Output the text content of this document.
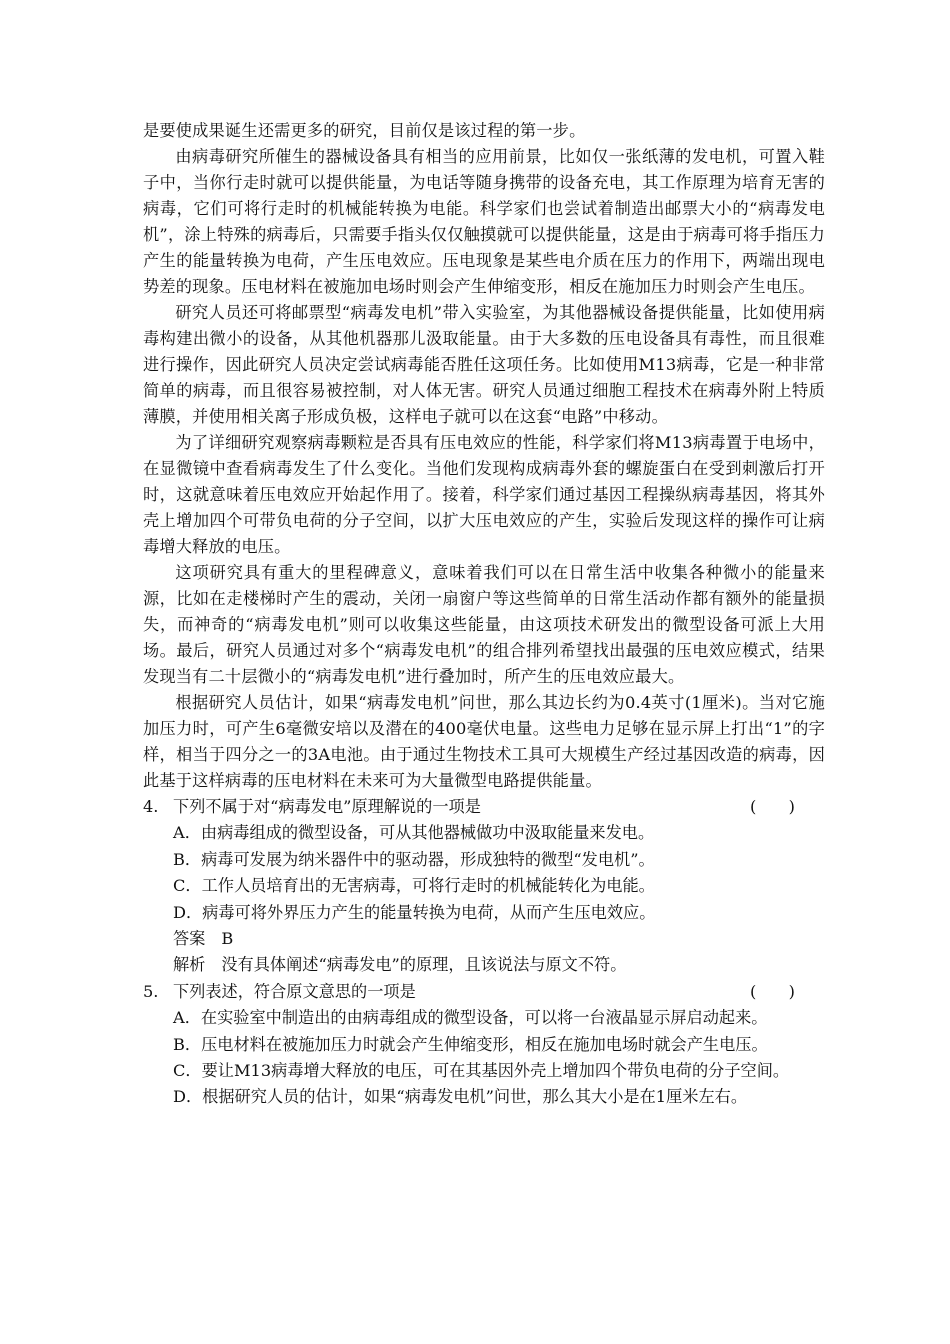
是要使成果诞生还需更多的研究，目前仅是该过程的第一步。

由病毒研究所催生的器械设备具有相当的应用前景，比如仅一张纸薄的发电机，可置入鞋子中，当你行走时就可以提供能量，为电话等随身携带的设备充电，其工作原理为培育无害的病毒，它们可将行走时的机械能转换为电能。科学家们也尝试着制造出邮票大小的“病毒发电机”，涂上特殊的病毒后，只需要手指头仅仅触摸就可以提供能量，这是由于病毒可将手指压力产生的能量转换为电荷，产生压电效应。压电现象是某些电介质在压力的作用下，两端出现电势差的现象。压电材料在被施加电场时则会产生伸缩变形，相反在施加压力时则会产生电压。

研究人员还可将邮票型“病毒发电机”带入实验室，为其他器械设备提供能量，比如使用病毒构建出微小的设备，从其他机器那儿汲取能量。由于大多数的压电设备具有毒性，而且很难进行操作，因此研究人员决定尝试病毒能否胜任这项任务。比如使用M13病毒，它是一种非常简单的病毒，而且很容易被控制，对人体无害。研究人员通过细胞工程技术在病毒外附上特质薄膜，并使用相关离子形成负极，这样电子就可以在这套“电路”中移动。

为了详细研究观察病毒颗粒是否具有压电效应的性能，科学家们将M13病毒置于电场中，在显微镜中查看病毒发生了什么变化。当他们发现构成病毒外套的螺旋蛋白在受到刺激后打开时，这就意味着压电效应开始起作用了。接着，科学家们通过基因工程操纵病毒基因，将其外壳上增加四个可带负电荷的分子空间，以扩大压电效应的产生，实验后发现这样的操作可让病毒增大释放的电压。

这项研究具有重大的里程碑意义，意味着我们可以在日常生活中收集各种微小的能量来源，比如在走楼梯时产生的震动，关闭一扇窗户等这些简单的日常生活动作都有额外的能量损失，而神奇的“病毒发电机”则可以收集这些能量，由这项技术研发出的微型设备可派上大用场。最后，研究人员通过对多个“病毒发电机”的组合排列希望找出最强的压电效应模式，结果发现当有二十层微小的“病毒发电机”进行叠加时，所产生的压电效应最大。

根据研究人员估计，如果“病毒发电机”问世，那么其边长约为0.4英寸(1厘米)。当对它施加压力时，可产生6毫微安培以及潜在的400毫伏电量。这些电力足够在显示屏上打出“1”的字样，相当于四分之一的3A电池。由于通过生物技术工具可大规模生产经过基因改造的病毒，因此基于这样病毒的压电材料在未来可为大量微型电路提供能量。

4. 下列不属于对“病毒发电”原理解说的一项是	(　　)

A．由病毒组成的微型设备，可从其他器械做功中汲取能量来发电。

B．病毒可发展为纳米器件中的驱动器，形成独特的微型“发电机”。

C．工作人员培育出的无害病毒，可将行走时的机械能转化为电能。

D．病毒可将外界压力产生的能量转换为电荷，从而产生压电效应。

答案 B

解析 没有具体阐述“病毒发电”的原理，且该说法与原文不符。

5. 下列表述，符合原文意思的一项是	(　　)

A．在实验室中制造出的由病毒组成的微型设备，可以将一台液晶显示屏启动起来。

B．压电材料在被施加压力时就会产生伸缩变形，相反在施加电场时就会产生电压。

C．要让M13病毒增大释放的电压，可在其基因外壳上增加四个带负电荷的分子空间。

D．根据研究人员的估计，如果“病毒发电机”问世，那么其大小是在1厘米左右。
